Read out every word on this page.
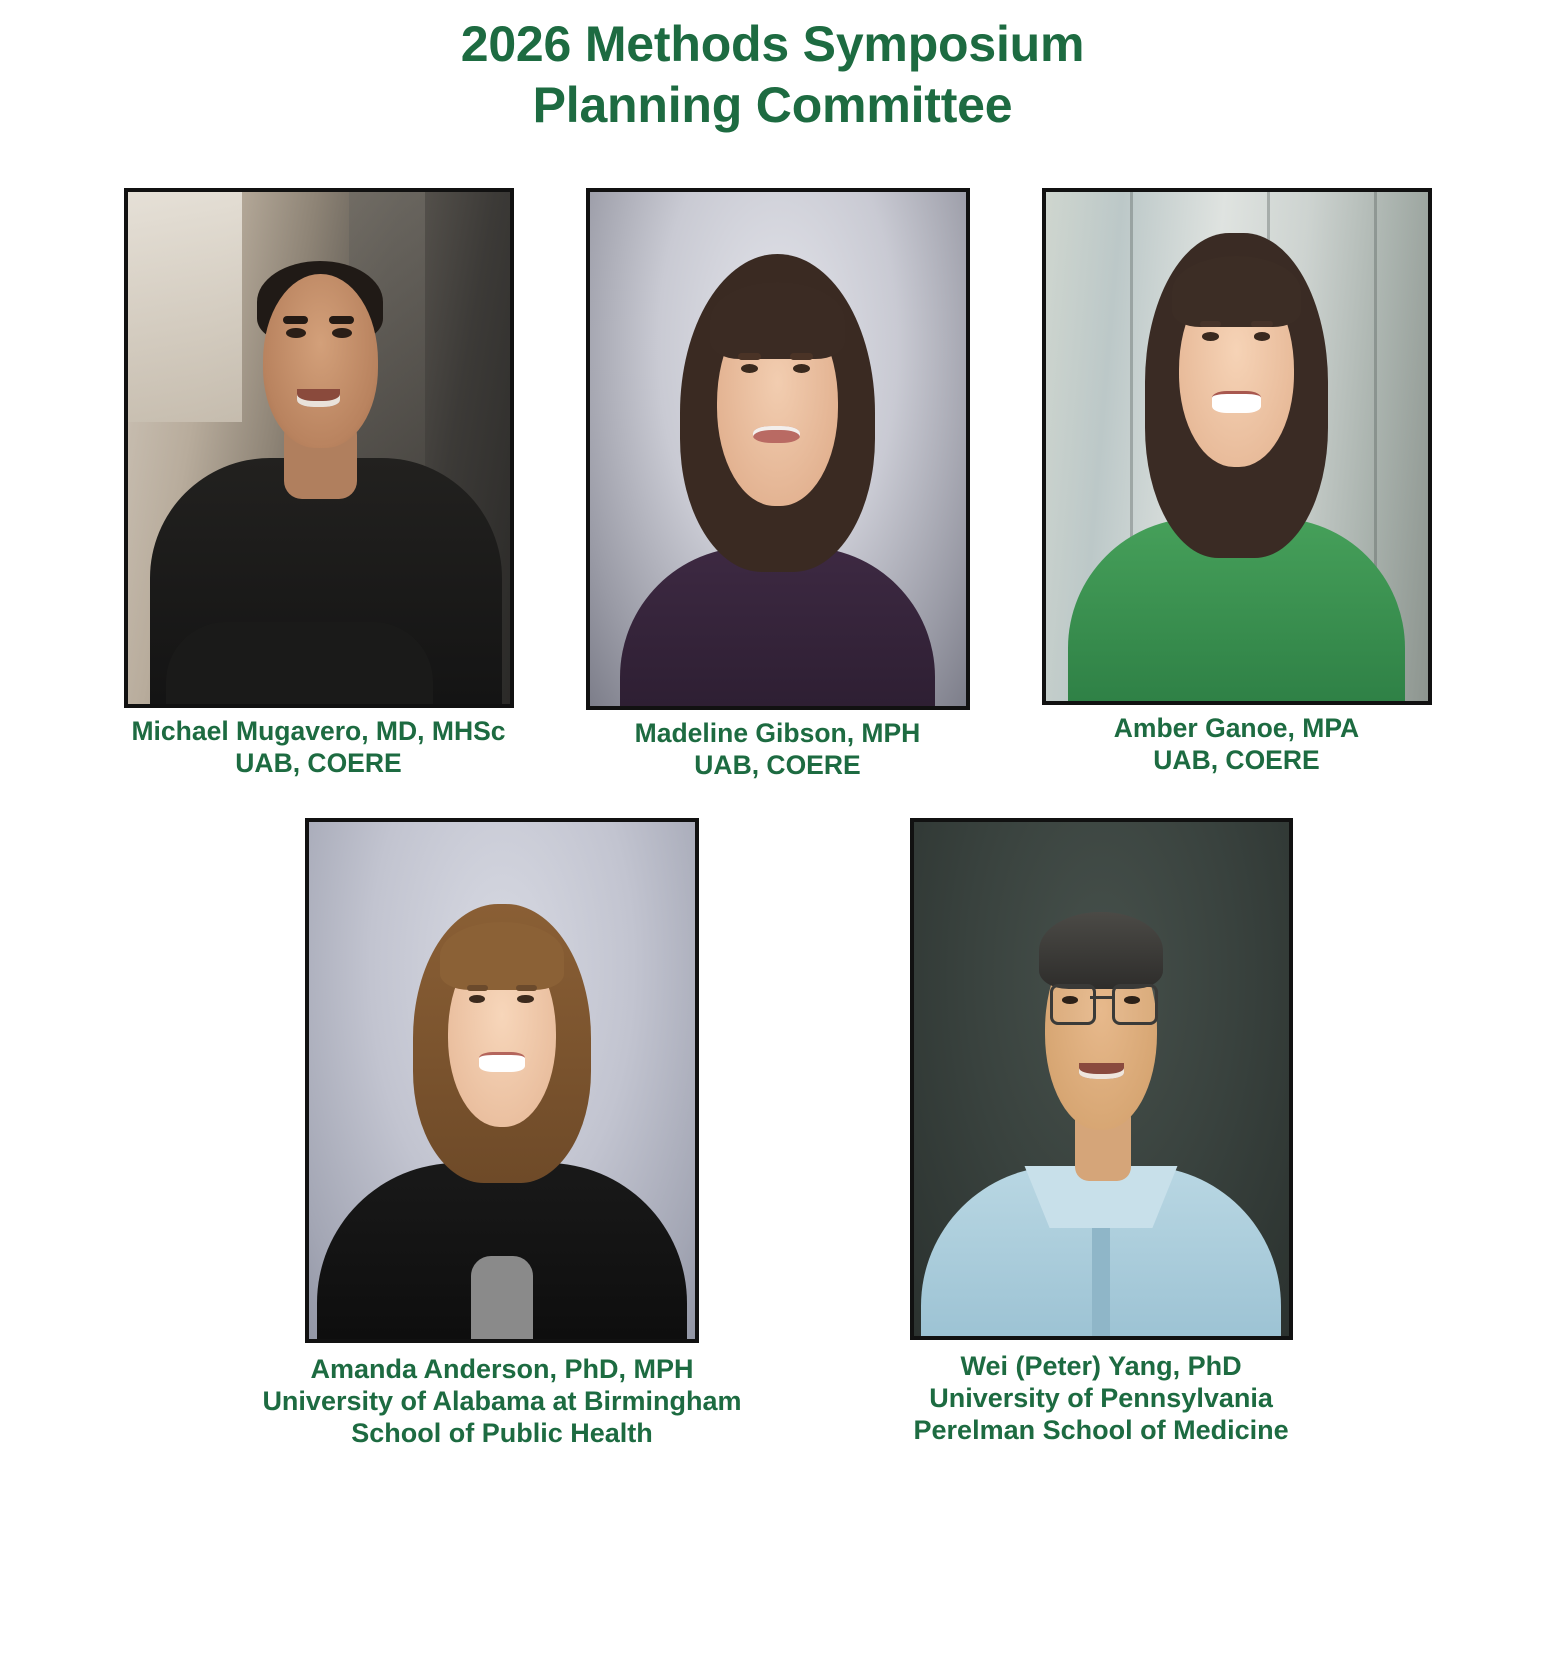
2026 Methods Symposium
Planning Committee
Michael Mugavero, MD, MHSc
UAB, COERE
Madeline Gibson, MPH
UAB, COERE
Amber Ganoe, MPA
UAB, COERE
Amanda Anderson, PhD, MPH
University of Alabama at Birmingham
School of Public Health
Wei (Peter) Yang, PhD
University of Pennsylvania
Perelman School of Medicine
